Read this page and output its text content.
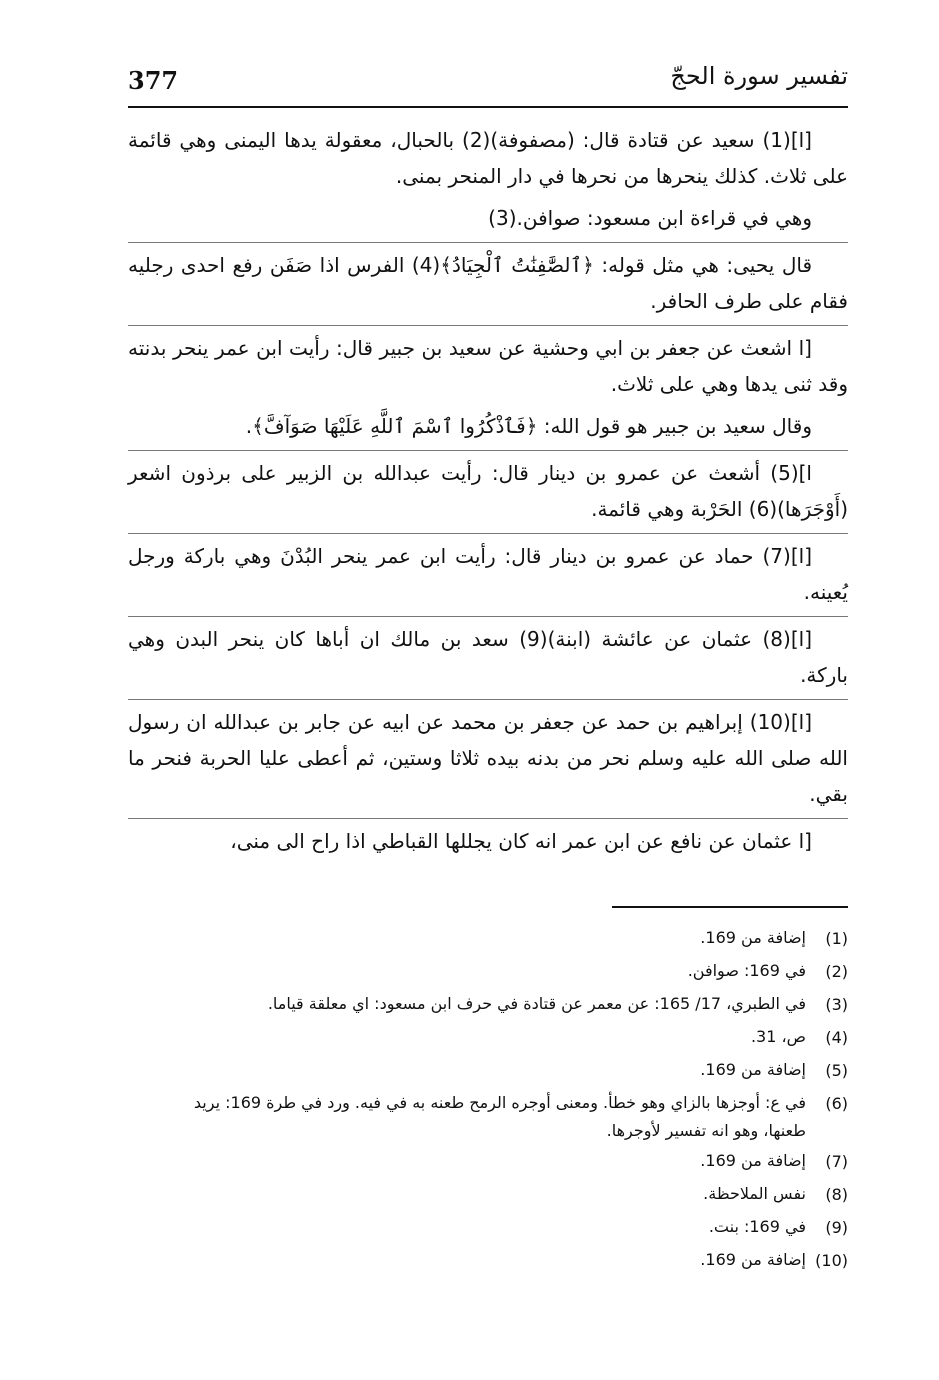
377	تفسير سورة الحجّ

[ا](1) سعيد عن قتادة قال: (مصفوفة)(2) بالحبال، معقولة يدها اليمنى وهي قائمة على ثلاث. كذلك ينحرها من نحرها في دار المنحر بمنى.

وهي في قراءة ابن مسعود: صوافن.(3)

قال يحيى: هي مثل قوله: ﴿ٱلصَّٰفِنَٰتُ ٱلْجِيَادُ﴾(4) الفرس اذا صَفَن رفع احدى رجليه فقام على طرف الحافر.

[ا اشعث عن جعفر بن ابي وحشية عن سعيد بن جبير قال: رأيت ابن عمر ينحر بدنته وقد ثنى يدها وهي على ثلاث.

وقال سعيد بن جبير هو قول الله: ﴿فَٱذْكُرُوا ٱسْمَ ٱللَّهِ عَلَيْهَا صَوَآفَّ﴾.

ا](5) أشعث عن عمرو بن دينار قال: رأيت عبدالله بن الزبير على برذون اشعر (أَوْجَرَها)(6) الحَرْبة وهي قائمة.

[ا](7) حماد عن عمرو بن دينار قال: رأيت ابن عمر ينحر البُدْنَ وهي باركة ورجل يُعينه.

[ا](8) عثمان عن عائشة (ابنة)(9) سعد بن مالك ان أباها كان ينحر البدن وهي باركة.

[ا](10) إبراهيم بن حمد عن جعفر بن محمد عن ابيه عن جابر بن عبدالله ان رسول الله صلى الله عليه وسلم نحر من بدنه بيده ثلاثا وستين، ثم أعطى عليا الحربة فنحر ما بقي.

[ا عثمان عن نافع عن ابن عمر انه كان يجللها القباطي اذا راح الى منى،

(1)
إضافة من 169.
(2)
في 169: صوافن.
(3)
في الطبري، 17/ 165: عن معمر عن قتادة في حرف ابن مسعود: اي معلقة قياما.
(4)
ص، 31.
(5)
إضافة من 169.
(6)
في ع: أوجزها بالزاي وهو خطأ. ومعنى أوجره الرمح طعنه به في فيه. ورد في طرة 169: يريد طعنها، وهو انه تفسير لأوجرها.
(7)
إضافة من 169.
(8)
نفس الملاحظة.
(9)
في 169: بنت.
(10)
إضافة من 169.
